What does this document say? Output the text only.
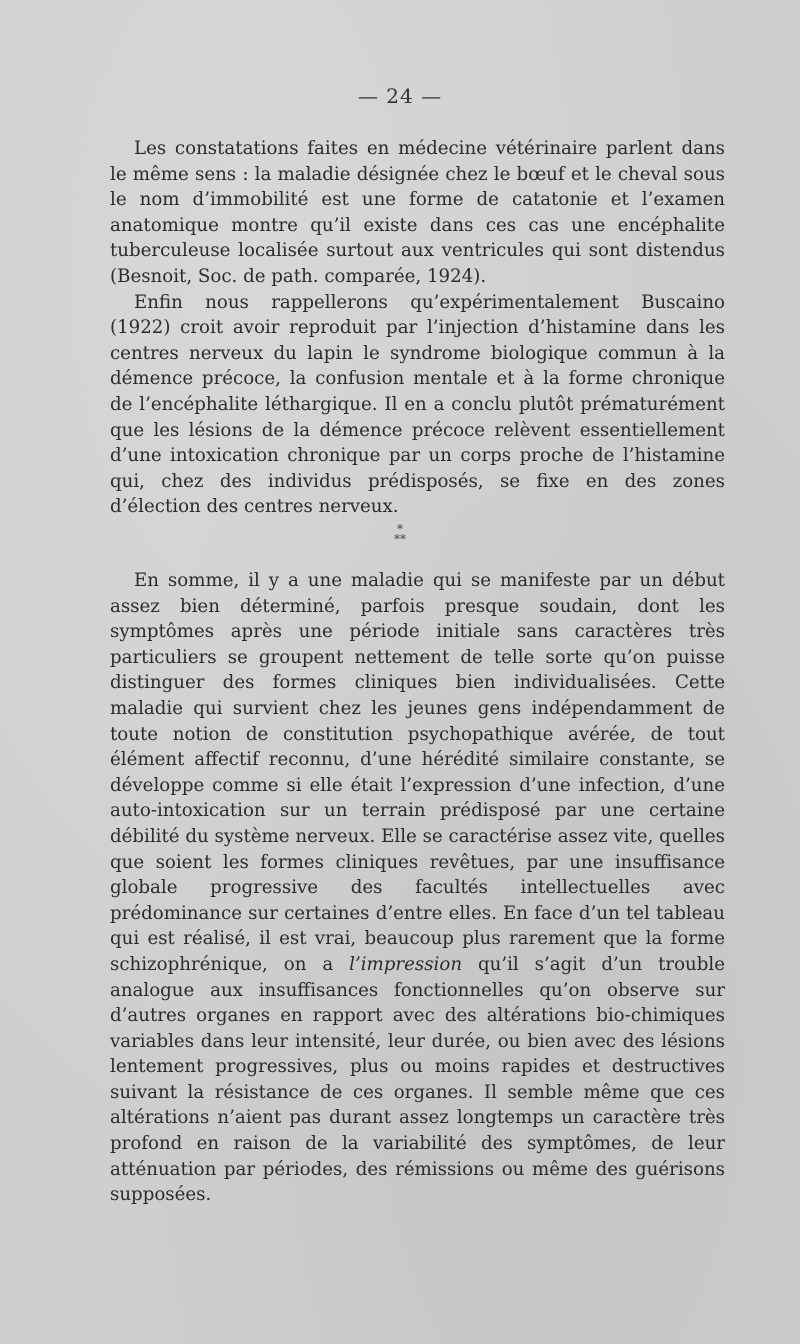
— 24 —

Les constatations faites en médecine vétérinaire parlent dans le même sens : la maladie désignée chez le bœuf et le cheval sous le nom d’immobilité est une forme de catatonie et l’examen anatomique montre qu’il existe dans ces cas une encéphalite tuberculeuse localisée surtout aux ventricules qui sont distendus (Besnoit, Soc. de path. comparée, 1924).

Enfin nous rappellerons qu’expérimentalement Buscaino (1922) croit avoir reproduit par l’injection d’histamine dans les centres nerveux du lapin le syndrome biologique commun à la démence précoce, la confusion mentale et à la forme chronique de l’encéphalite léthargique. Il en a conclu plutôt prématurément que les lésions de la démence précoce relèvent essentiellement d’une intoxication chronique par un corps proche de l’histamine qui, chez des individus prédisposés, se fixe en des zones d’élection des centres nerveux.

*
**

En somme, il y a une maladie qui se manifeste par un début assez bien déterminé, parfois presque soudain, dont les symptômes après une période initiale sans caractères très particuliers se groupent nettement de telle sorte qu’on puisse distinguer des formes cliniques bien individualisées. Cette maladie qui survient chez les jeunes gens indépendamment de toute notion de constitution psychopathique avérée, de tout élément affectif reconnu, d’une hérédité similaire constante, se développe comme si elle était l’expression d’une infection, d’une auto-intoxication sur un terrain prédisposé par une certaine débilité du système nerveux. Elle se caractérise assez vite, quelles que soient les formes cliniques revêtues, par une insuffisance globale progressive des facultés intellectuelles avec prédominance sur certaines d’entre elles. En face d’un tel tableau qui est réalisé, il est vrai, beaucoup plus rarement que la forme schizophrénique, on a l’impression qu’il s’agit d’un trouble analogue aux insuffisances fonctionnelles qu’on observe sur d’autres organes en rapport avec des altérations bio-chimiques variables dans leur intensité, leur durée, ou bien avec des lésions lentement progressives, plus ou moins rapides et destructives suivant la résistance de ces organes. Il semble même que ces altérations n’aient pas durant assez longtemps un caractère très profond en raison de la variabilité des symptômes, de leur atténuation par périodes, des rémissions ou même des guérisons supposées.
